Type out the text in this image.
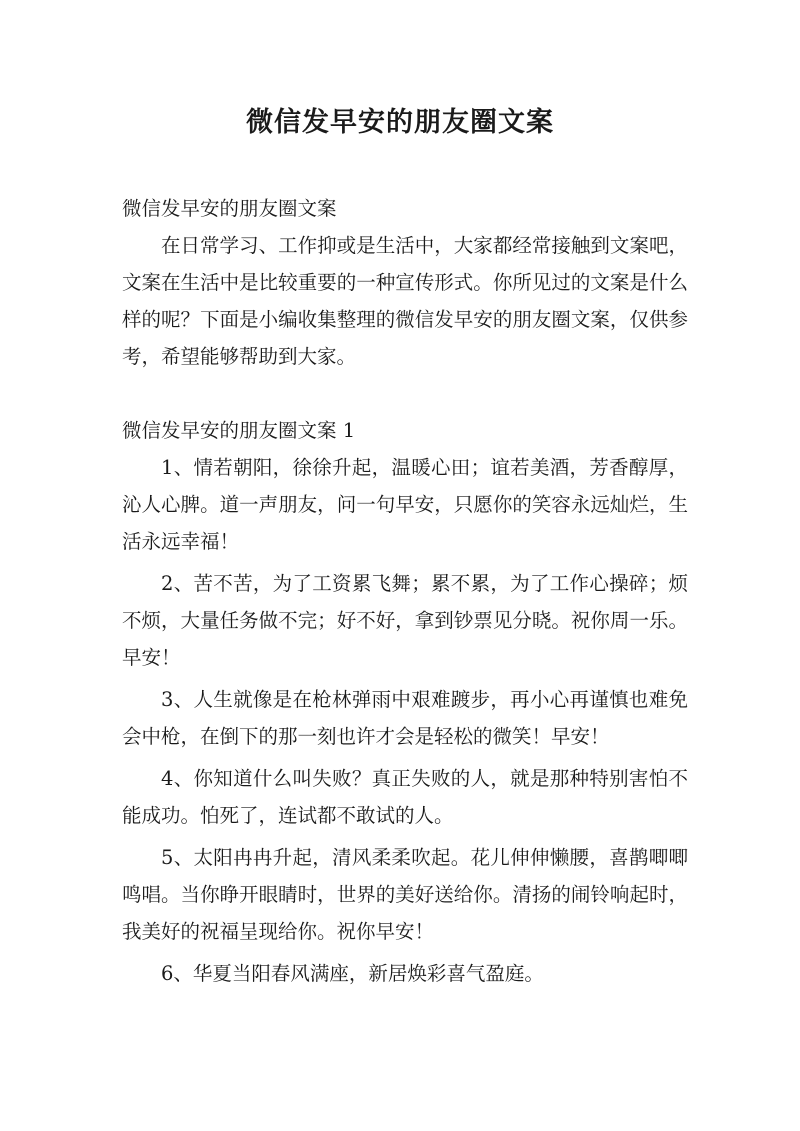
微信发早安的朋友圈文案

微信发早安的朋友圈文案

在日常学习、工作抑或是生活中，大家都经常接触到文案吧，文案在生活中是比较重要的一种宣传形式。你所见过的文案是什么样的呢？下面是小编收集整理的微信发早安的朋友圈文案，仅供参考，希望能够帮助到大家。

微信发早安的朋友圈文案 1

1、情若朝阳，徐徐升起，温暖心田；谊若美酒，芳香醇厚，沁人心脾。道一声朋友，问一句早安，只愿你的笑容永远灿烂，生活永远幸福！

2、苦不苦，为了工资累飞舞；累不累，为了工作心操碎；烦不烦，大量任务做不完；好不好，拿到钞票见分晓。祝你周一乐。早安！

3、人生就像是在枪林弹雨中艰难踱步，再小心再谨慎也难免会中枪，在倒下的那一刻也许才会是轻松的微笑！早安！

4、你知道什么叫失败？真正失败的人，就是那种特别害怕不能成功。怕死了，连试都不敢试的人。

5、太阳冉冉升起，清风柔柔吹起。花儿伸伸懒腰，喜鹊唧唧鸣唱。当你睁开眼睛时，世界的美好送给你。清扬的闹铃响起时，我美好的祝福呈现给你。祝你早安！

6、华夏当阳春风满座，新居焕彩喜气盈庭。
